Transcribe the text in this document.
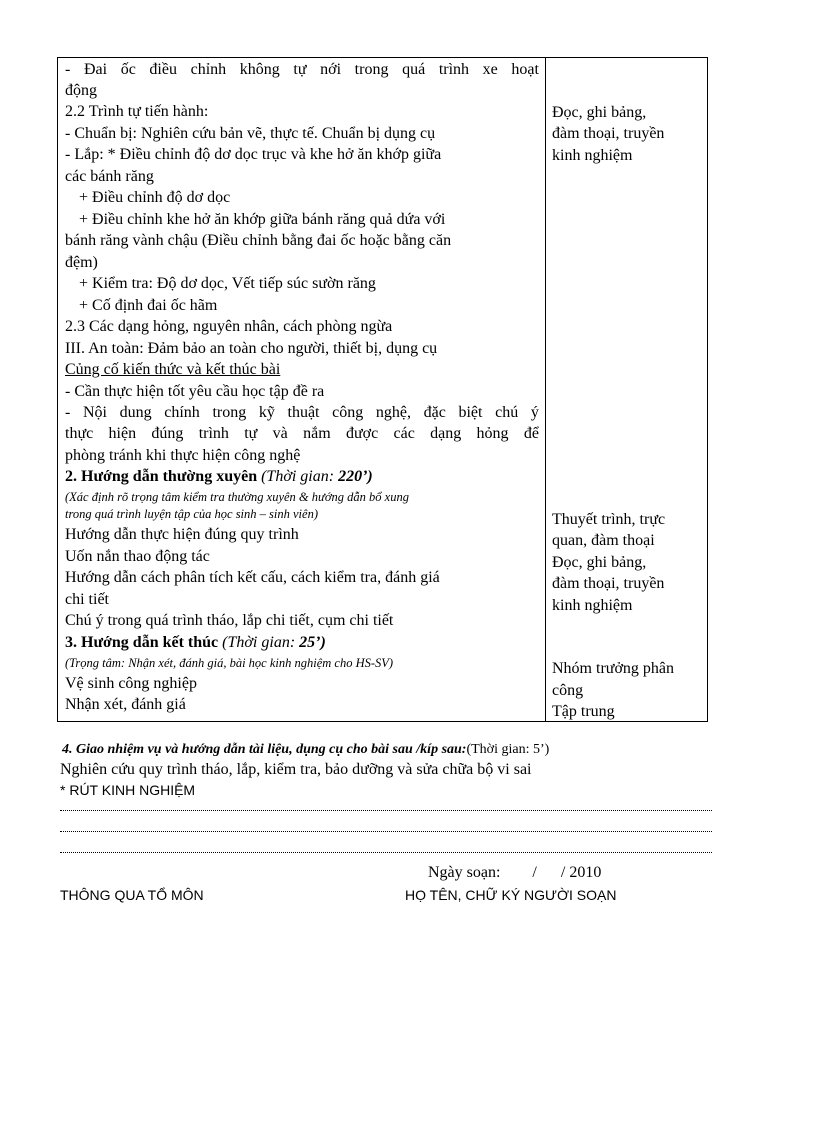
- Đai ốc điều chỉnh không tự nới trong quá trình xe hoạt
động
2.2 Trình tự tiến hành:
- Chuẩn bị: Nghiên cứu bản vẽ, thực tế. Chuẩn bị dụng cụ
- Lắp: * Điều chỉnh độ dơ dọc trục và khe hở ăn khớp giữa
các bánh răng
+ Điều chỉnh độ dơ dọc
+ Điều chỉnh khe hở ăn khớp giữa bánh răng quả dứa với
bánh răng vành chậu (Điều chỉnh bằng đai ốc hoặc bằng căn
đệm)
+ Kiểm tra: Độ dơ dọc, Vết tiếp súc sườn răng
+ Cố định đai ốc hãm
2.3 Các dạng hỏng, nguyên nhân, cách phòng ngừa
III. An toàn: Đảm bảo an toàn cho người, thiết bị, dụng cụ
Củng cố kiến thức và kết thúc bài
- Cần thực hiện tốt yêu cầu học tập đề ra
- Nội dung chính trong kỹ thuật công nghệ, đặc biệt chú ý
thực hiện đúng trình tự và nắm được các dạng hỏng để
phòng tránh khi thực hiện công nghệ
2. Hướng dẫn thường xuyên (Thời gian: 220’)
(Xác định rõ trọng tâm kiểm tra thường xuyên & hướng dẫn bổ xung
trong quá trình luyện tập của học sinh – sinh viên)
Hướng dẫn thực hiện đúng quy trình
Uốn nắn thao động tác
Hướng dẫn cách phân tích kết cấu, cách kiểm tra, đánh giá
chi tiết
Chú ý trong quá trình tháo, lắp chi tiết, cụm chi tiết
3. Hướng dẫn kết thúc (Thời gian: 25’)
(Trọng tâm: Nhận xét, đánh giá, bài học kinh nghiệm cho HS-SV)
Vệ sinh công nghiệp
Nhận xét, đánh giá
Đọc, ghi bảng,
đàm thoại, truyền
kinh nghiệm
Thuyết trình, trực
quan, đàm thoại
Đọc, ghi bảng,
đàm thoại, truyền
kinh nghiệm
Nhóm trưởng phân
công
Tập trung
4. Giao nhiệm vụ và hướng dẫn tài liệu, dụng cụ cho bài sau /kíp sau:(Thời gian: 5’)
Nghiên cứu quy trình tháo, lắp, kiểm tra, bảo dưỡng và sửa chữa bộ vi sai
* RÚT KINH NGHIỆM
Ngày soạn:        /      / 2010
THÔNG QUA TỔ MÔN	HỌ TÊN, CHỮ KÝ NGƯỜI SOẠN
